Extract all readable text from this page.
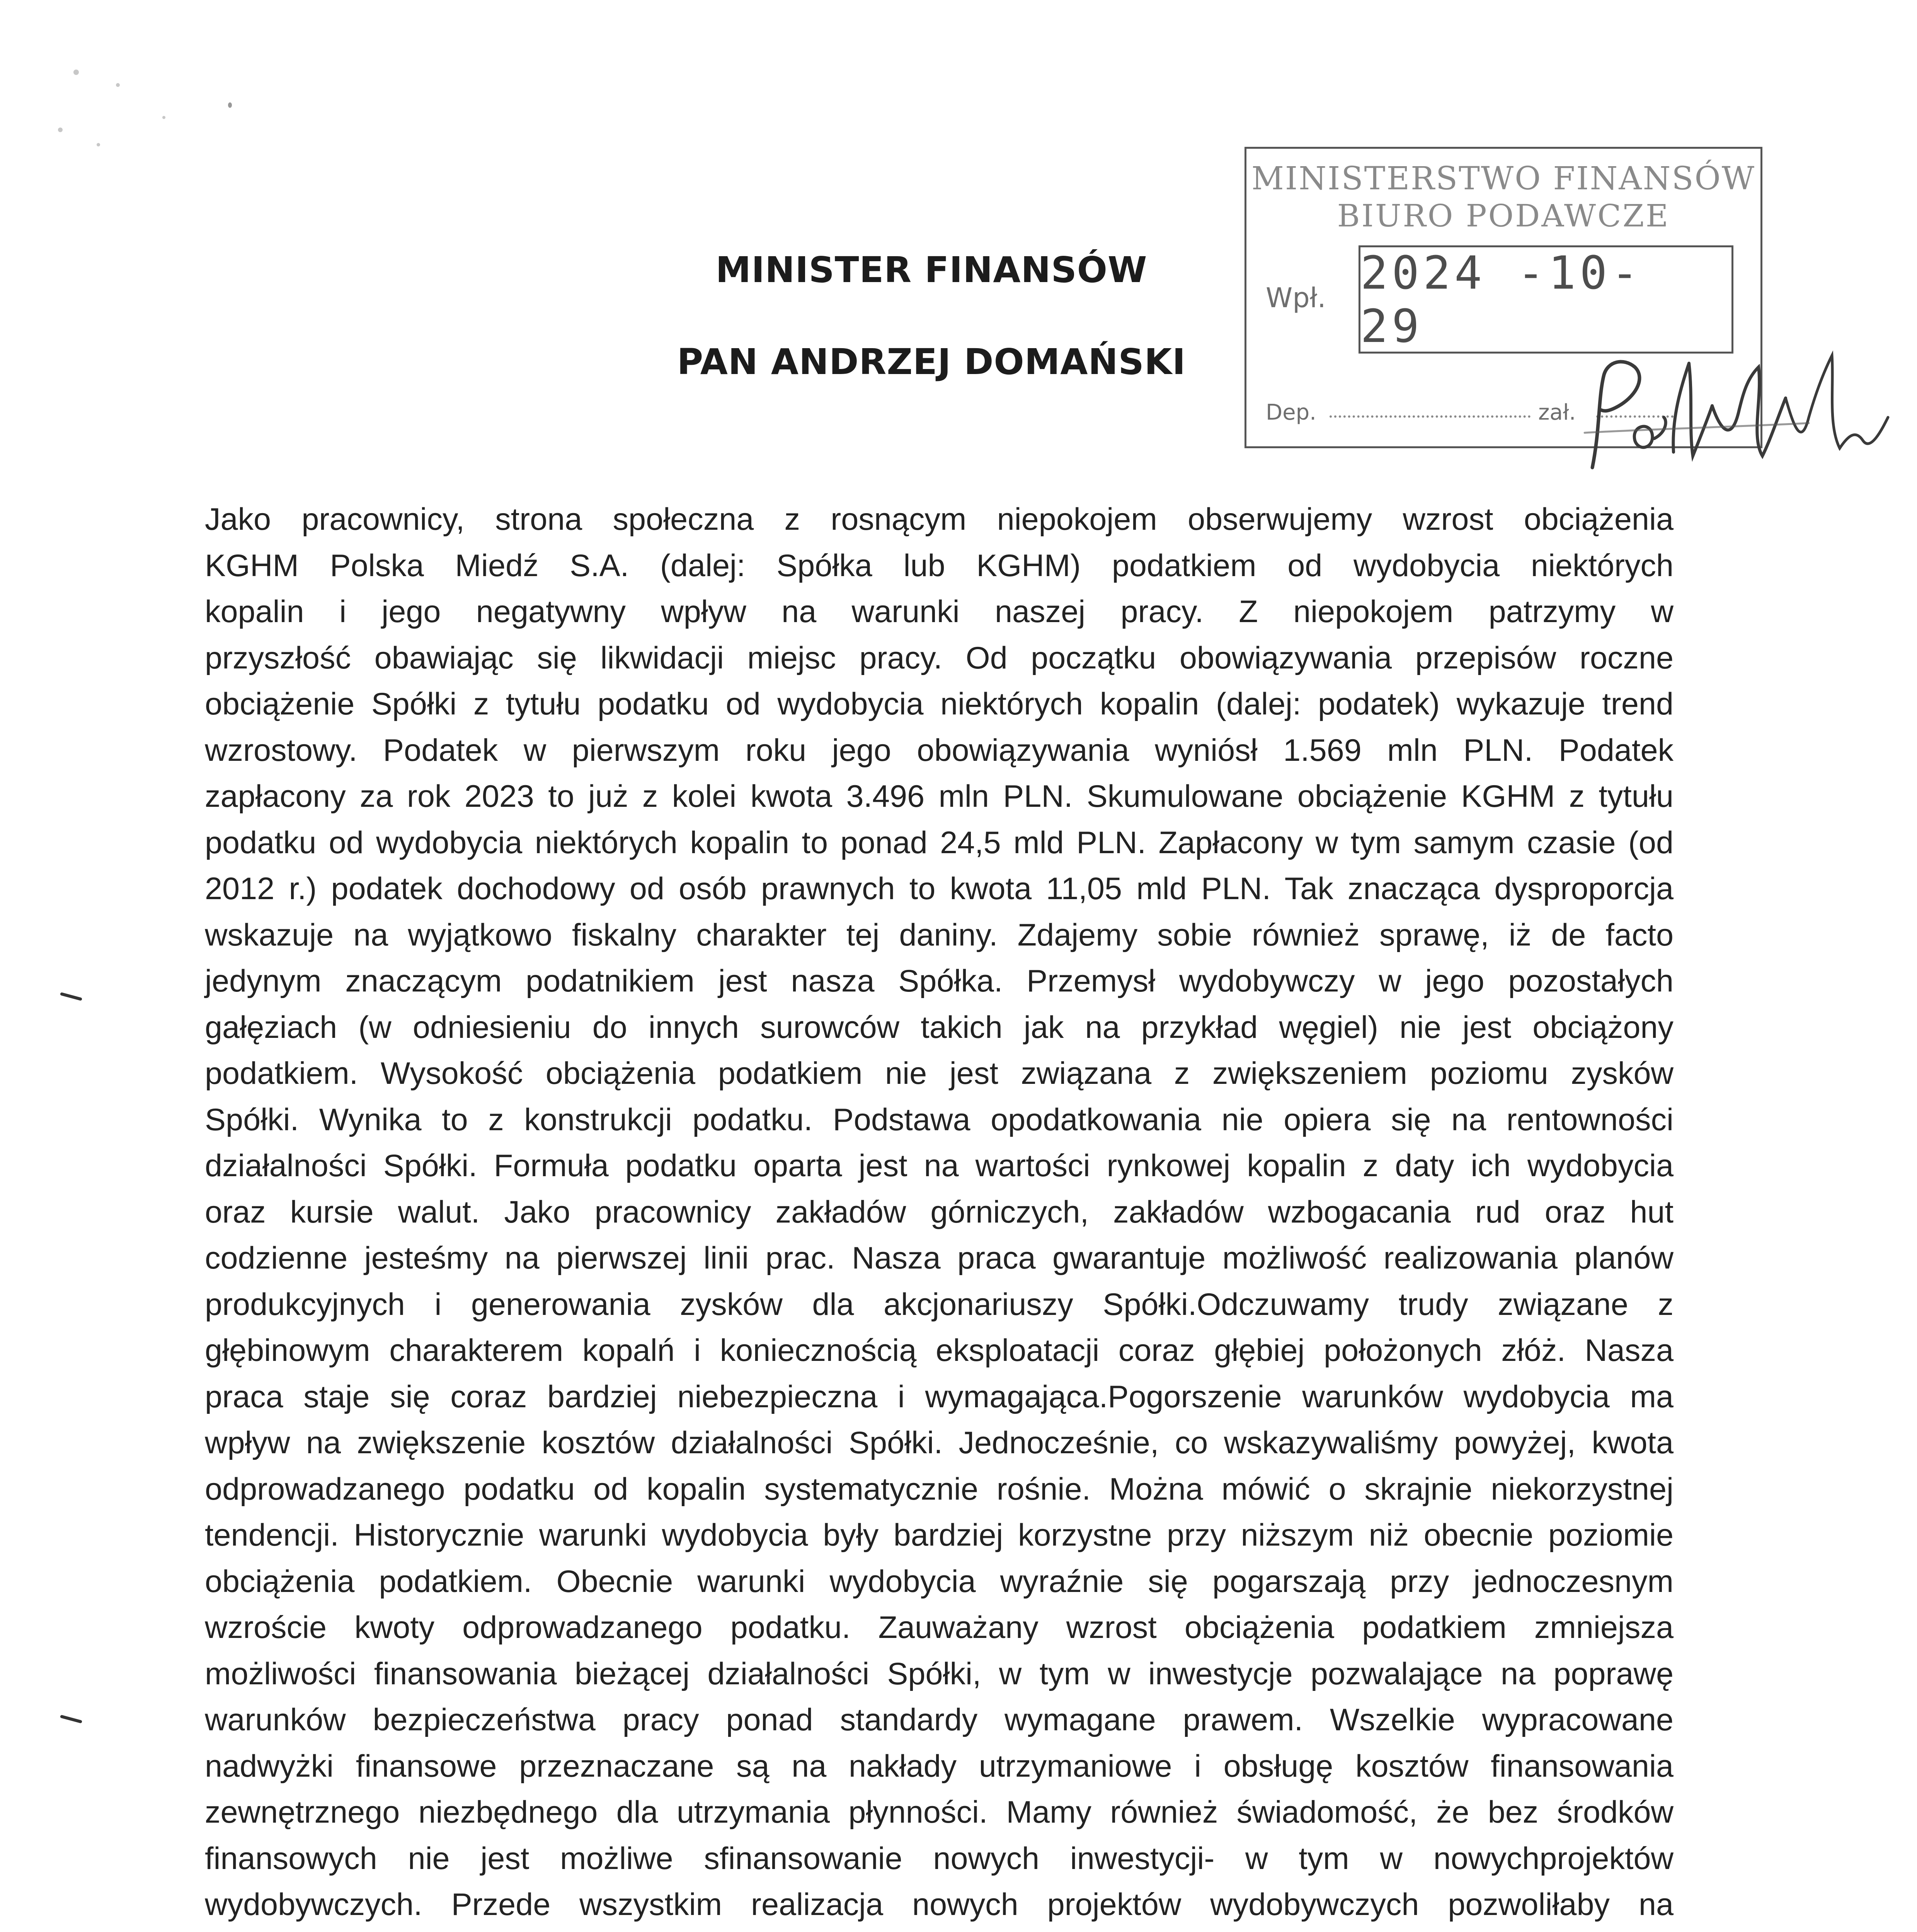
MINISTER FINANSÓW
PAN ANDRZEJ DOMAŃSKI
MINISTERSTWO FINANSÓW
BIURO PODAWCZE
Wpł. 2024 -10- 29
Dep.	zał.
Jako pracownicy, strona społeczna z rosnącym niepokojem obserwujemy wzrost obciążenia
KGHM Polska Miedź S.A. (dalej: Spółka lub KGHM) podatkiem od wydobycia niektórych
kopalin i jego negatywny wpływ na warunki naszej pracy. Z niepokojem patrzymy w
przyszłość obawiając się likwidacji miejsc pracy. Od początku obowiązywania przepisów roczne
obciążenie Spółki z tytułu podatku od wydobycia niektórych kopalin (dalej: podatek) wykazuje trend
wzrostowy. Podatek w pierwszym roku jego obowiązywania wyniósł 1.569 mln PLN. Podatek
zapłacony za rok 2023 to już z kolei kwota 3.496 mln PLN. Skumulowane obciążenie KGHM z tytułu
podatku od wydobycia niektórych kopalin to ponad 24,5 mld PLN. Zapłacony w tym samym czasie (od
2012 r.) podatek dochodowy od osób prawnych to kwota 11,05 mld PLN. Tak znacząca dysproporcja
wskazuje na wyjątkowo fiskalny charakter tej daniny. Zdajemy sobie również sprawę, iż de facto
jedynym znaczącym podatnikiem jest nasza Spółka. Przemysł wydobywczy w jego pozostałych
gałęziach (w odniesieniu do innych surowców takich jak na przykład węgiel) nie jest obciążony
podatkiem. Wysokość obciążenia podatkiem nie jest związana z zwiększeniem poziomu zysków
Spółki. Wynika to z konstrukcji podatku. Podstawa opodatkowania nie opiera się na rentowności
działalności Spółki. Formuła podatku oparta jest na wartości rynkowej kopalin z daty ich wydobycia
oraz kursie walut. Jako pracownicy zakładów górniczych, zakładów wzbogacania rud oraz hut
codzienne jesteśmy na pierwszej linii prac. Nasza praca gwarantuje możliwość realizowania planów
produkcyjnych i generowania zysków dla akcjonariuszy Spółki.Odczuwamy trudy związane z
głębinowym charakterem kopalń i koniecznością eksploatacji coraz głębiej położonych złóż. Nasza
praca staje się coraz bardziej niebezpieczna i wymagająca.Pogorszenie warunków wydobycia ma
wpływ na zwiększenie kosztów działalności Spółki. Jednocześnie, co wskazywaliśmy powyżej, kwota
odprowadzanego podatku od kopalin systematycznie rośnie. Można mówić o skrajnie niekorzystnej
tendencji. Historycznie warunki wydobycia były bardziej korzystne przy niższym niż obecnie poziomie
obciążenia podatkiem. Obecnie warunki wydobycia wyraźnie się pogarszają przy jednoczesnym
wzroście kwoty odprowadzanego podatku. Zauważany wzrost obciążenia podatkiem zmniejsza
możliwości finansowania bieżącej działalności Spółki, w tym w inwestycje pozwalające na poprawę
warunków bezpieczeństwa pracy ponad standardy wymagane prawem. Wszelkie wypracowane
nadwyżki finansowe przeznaczane są na nakłady utrzymaniowe i obsługę kosztów finansowania
zewnętrznego niezbędnego dla utrzymania płynności. Mamy również świadomość, że bez środków
finansowych nie jest możliwe sfinansowanie nowych inwestycji- w tym w nowychprojektów
wydobywczych. Przede wszystkim realizacja nowych projektów wydobywczych pozwoliłaby na
